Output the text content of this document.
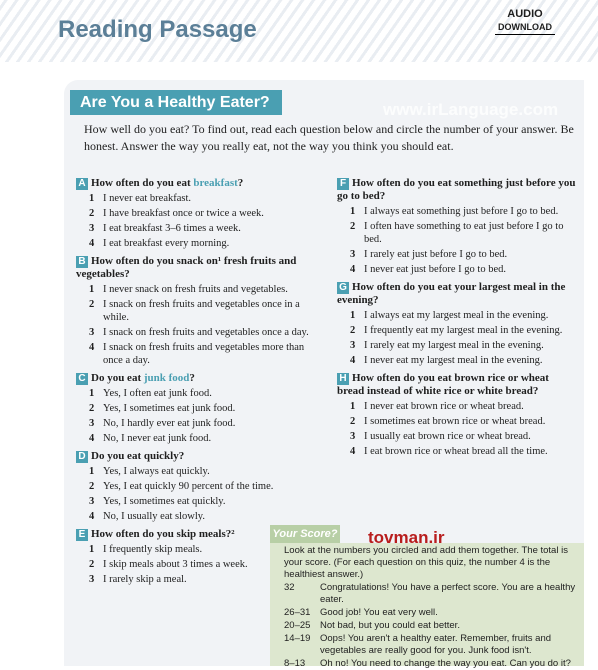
Reading Passage
AUDIO
DOWNLOAD
www.irLanguage.com
Are You a Healthy Eater?
How well do you eat? To find out, read each question below and circle the number of your answer. Be honest. Answer the way you really eat, not the way you think you should eat.
A How often do you eat breakfast?
1 I never eat breakfast.
2 I have breakfast once or twice a week.
3 I eat breakfast 3–6 times a week.
4 I eat breakfast every morning.
B How often do you snack on¹ fresh fruits and vegetables?
1 I never snack on fresh fruits and vegetables.
2 I snack on fresh fruits and vegetables once in a while.
3 I snack on fresh fruits and vegetables once a day.
4 I snack on fresh fruits and vegetables more than once a day.
C Do you eat junk food?
1 Yes, I often eat junk food.
2 Yes, I sometimes eat junk food.
3 No, I hardly ever eat junk food.
4 No, I never eat junk food.
D Do you eat quickly?
1 Yes, I always eat quickly.
2 Yes, I eat quickly 90 percent of the time.
3 Yes, I sometimes eat quickly.
4 No, I usually eat slowly.
E How often do you skip meals?²
1 I frequently skip meals.
2 I skip meals about 3 times a week.
3 I rarely skip a meal.
F How often do you eat something just before you go to bed?
1 I always eat something just before I go to bed.
2 I often have something to eat just before I go to bed.
3 I rarely eat just before I go to bed.
4 I never eat just before I go to bed.
G How often do you eat your largest meal in the evening?
1 I always eat my largest meal in the evening.
2 I frequently eat my largest meal in the evening.
3 I rarely eat my largest meal in the evening.
4 I never eat my largest meal in the evening.
H How often do you eat brown rice or wheat bread instead of white rice or white bread?
1 I never eat brown rice or wheat bread.
2 I sometimes eat brown rice or wheat bread.
3 I usually eat brown rice or wheat bread.
4 I eat brown rice or wheat bread all the time.
Your Score? tovman.ir
Look at the numbers you circled and add them together. The total is your score. (For each question on this quiz, the number 4 is the healthiest answer.)
32	Congratulations! You have a perfect score. You are a healthy eater.
26–31	Good job! You eat very well.
20–25	Not bad, but you could eat better.
14–19	Oops! You aren't a healthy eater. Remember, fruits and vegetables are really good for you. Junk food isn't.
8–13	Oh no! You need to change the way you eat. Can you do it?
